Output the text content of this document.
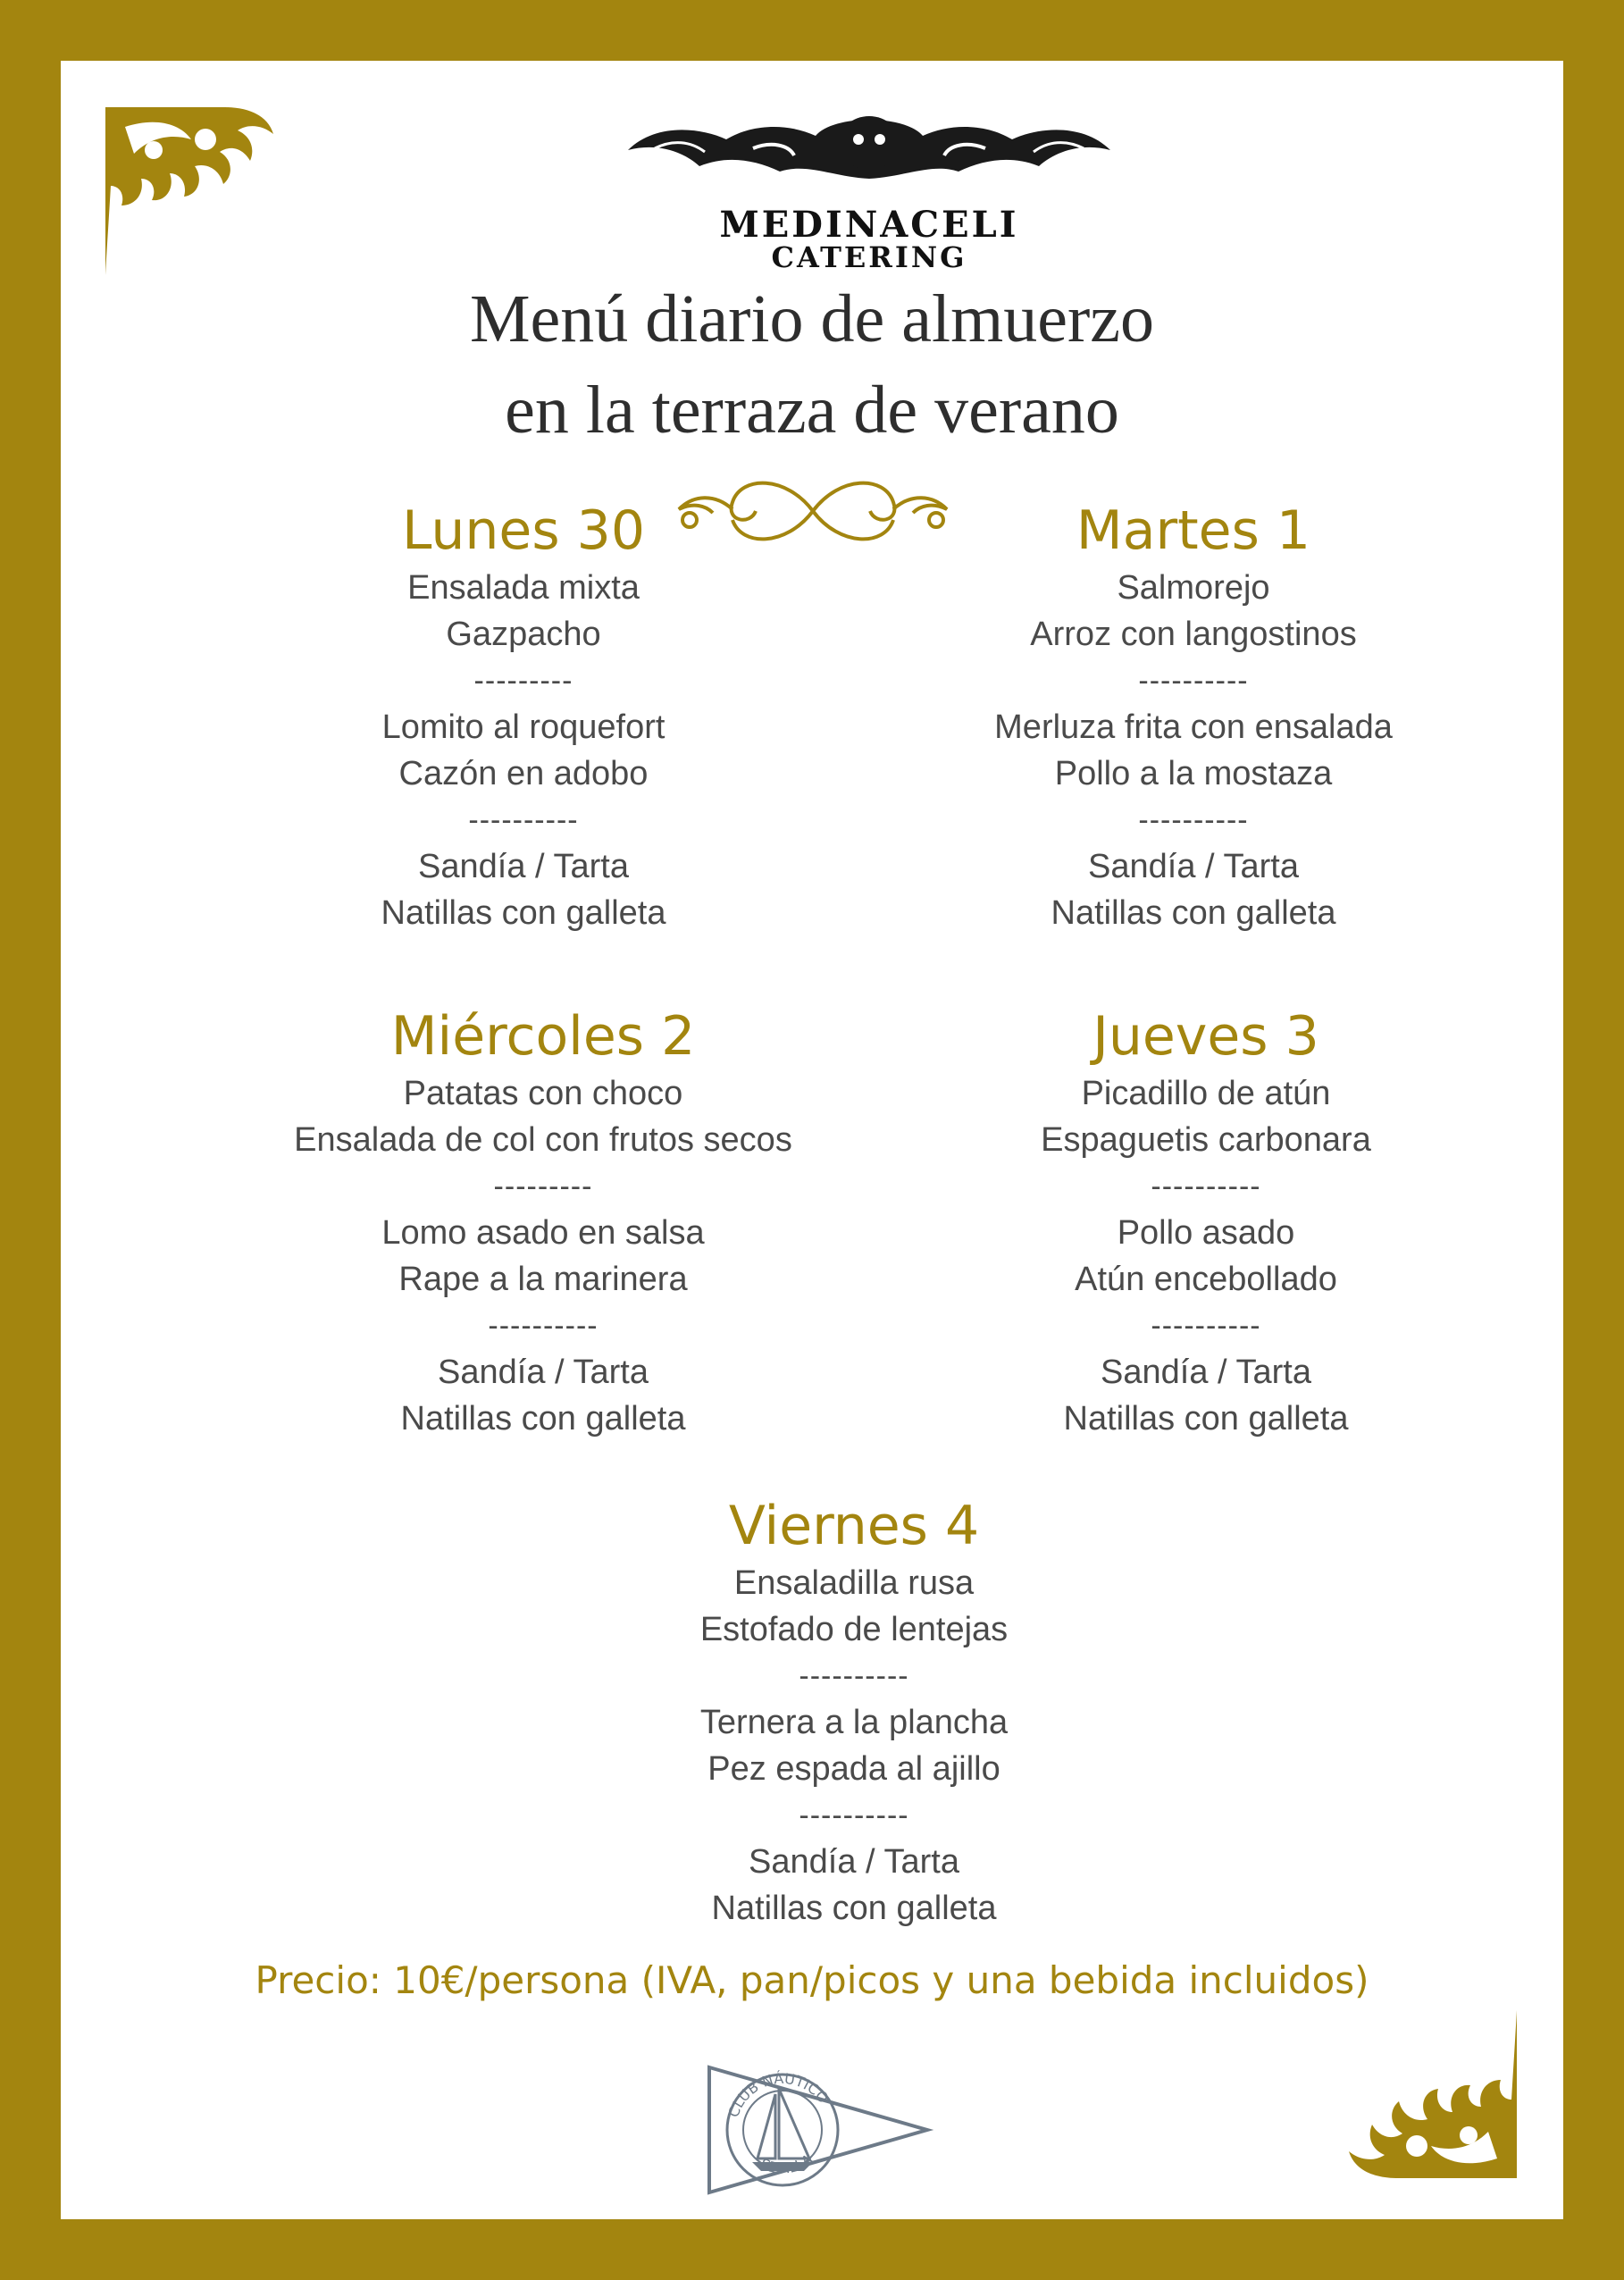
MEDINACELI

CATERING

Menú diario de almuerzo
en la terraza de verano
Lunes 30
Ensalada mixta
Gazpacho
---------
Lomito al roquefort
Cazón en adobo
----------
Sandía / Tarta
Natillas con galleta
Martes 1
Salmorejo
Arroz con langostinos
----------
Merluza frita con ensalada
Pollo a la mostaza
----------
Sandía / Tarta
Natillas con galleta
Miércoles 2
Patatas con choco
Ensalada de col con frutos secos
---------
Lomo asado en salsa
Rape a la marinera
----------
Sandía / Tarta
Natillas con galleta
Jueves 3
Picadillo de atún
Espaguetis carbonara
----------
Pollo asado
Atún encebollado
----------
Sandía / Tarta
Natillas con galleta
Viernes 4
Ensaladilla rusa
Estofado de lentejas
----------
Ternera a la plancha
Pez espada al ajillo
----------
Sandía / Tarta
Natillas con galleta
Precio: 10€/persona (IVA, pan/picos y una bebida incluidos)
CLUB NÁUTICO
SEVILLA
